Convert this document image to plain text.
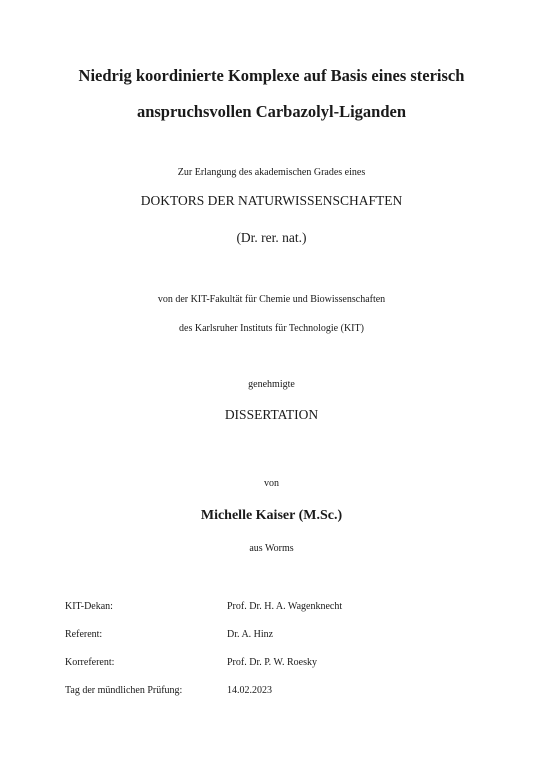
Niedrig koordinierte Komplexe auf Basis eines sterisch
anspruchsvollen Carbazolyl-Liganden
Zur Erlangung des akademischen Grades eines
DOKTORS DER NATURWISSENSCHAFTEN
(Dr. rer. nat.)
von der KIT-Fakultät für Chemie und Biowissenschaften
des Karlsruher Instituts für Technologie (KIT)
genehmigte
DISSERTATION
von
Michelle Kaiser (M.Sc.)
aus Worms
KIT-Dekan:	Prof. Dr. H. A. Wagenknecht
Referent:	Dr. A. Hinz
Korreferent:	Prof. Dr. P. W. Roesky
Tag der mündlichen Prüfung:	14.02.2023
